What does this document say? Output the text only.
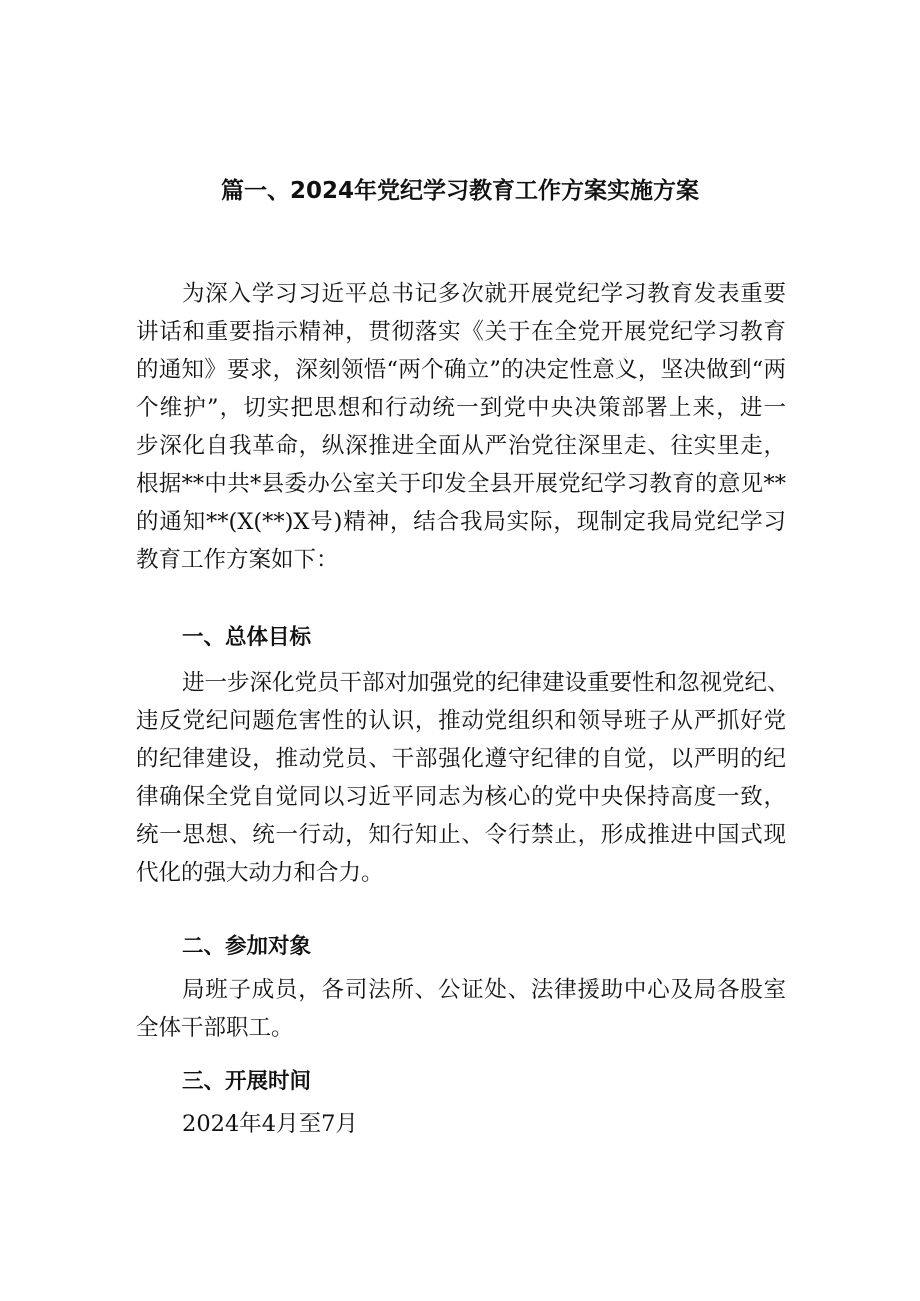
篇一、2024年党纪学习教育工作方案实施方案
为深入学习习近平总书记多次就开展党纪学习教育发表重要
讲话和重要指示精神，贯彻落实《关于在全党开展党纪学习教育
的通知》要求，深刻领悟“两个确立”的决定性意义，坚决做到“两
个维护”，切实把思想和行动统一到党中央决策部署上来，进一
步深化自我革命，纵深推进全面从严治党往深里走、往实里走，
根据**中共*县委办公室关于印发全县开展党纪学习教育的意见**
的通知**(X(**)X号)精神，结合我局实际，现制定我局党纪学习
教育工作方案如下：
一、总体目标
进一步深化党员干部对加强党的纪律建设重要性和忽视党纪、
违反党纪问题危害性的认识，推动党组织和领导班子从严抓好党
的纪律建设，推动党员、干部强化遵守纪律的自觉，以严明的纪
律确保全党自觉同以习近平同志为核心的党中央保持高度一致，
统一思想、统一行动，知行知止、令行禁止，形成推进中国式现
代化的强大动力和合力。
二、参加对象
局班子成员，各司法所、公证处、法律援助中心及局各股室
全体干部职工。
三、开展时间
2024年4月至7月
